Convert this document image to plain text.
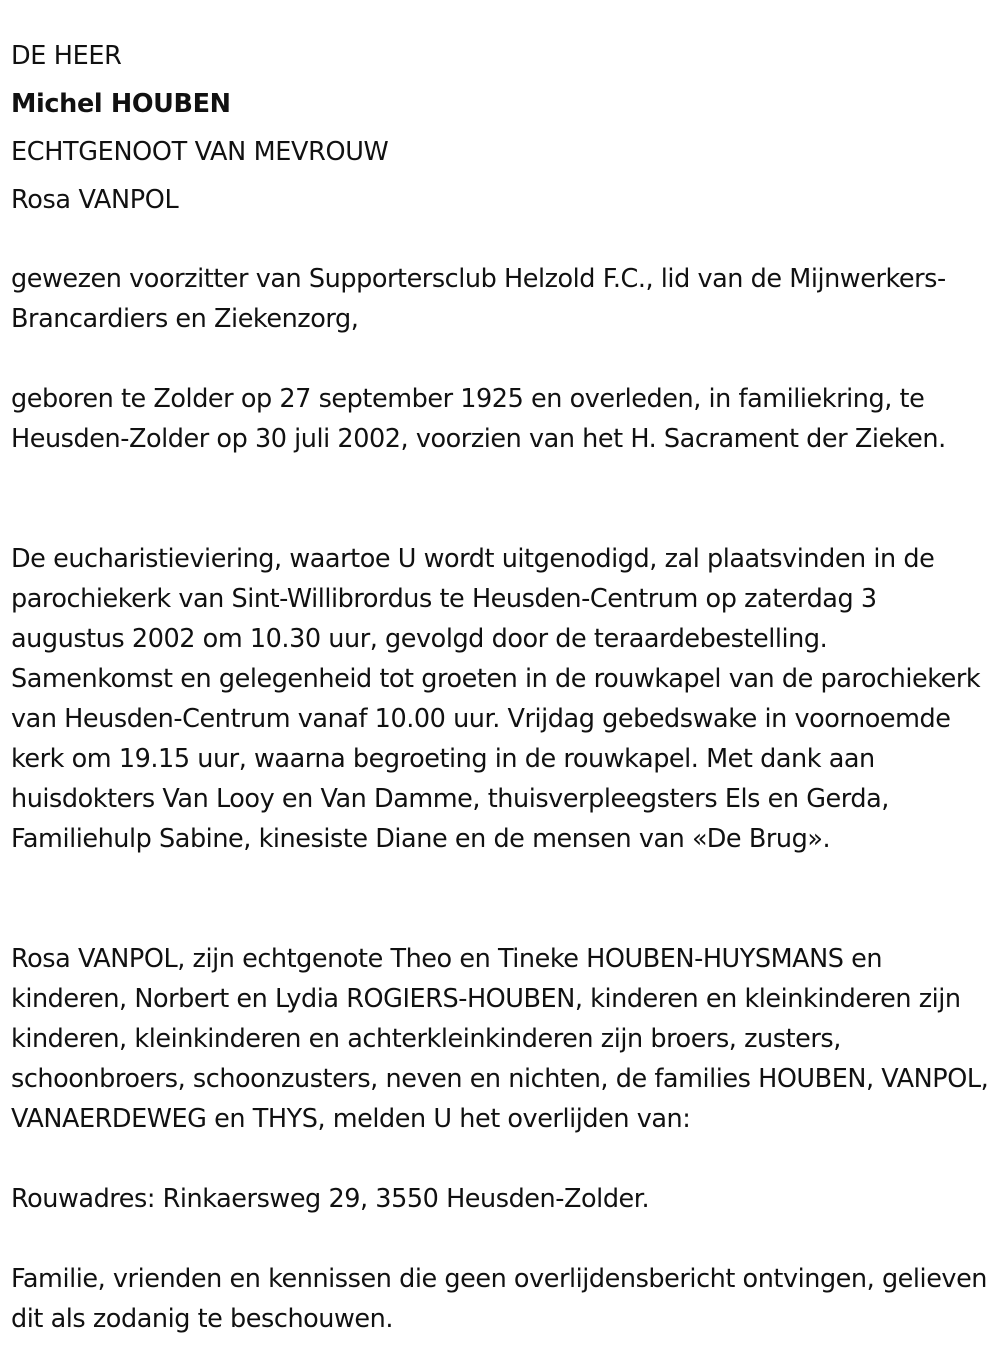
DE HEER
Michel HOUBEN
ECHTGENOOT VAN MEVROUW
Rosa VANPOL

gewezen voorzitter van Supportersclub Helzold F.C., lid van de Mijnwerkers-Brancardiers en Ziekenzorg,

geboren te Zolder op 27 september 1925 en overleden, in familiekring, te Heusden-Zolder op 30 juli 2002, voorzien van het H. Sacrament der Zieken.

De eucharistieviering, waartoe U wordt uitgenodigd, zal plaatsvinden in de parochiekerk van Sint-Willibrordus te Heusden-Centrum op zaterdag 3 augustus 2002 om 10.30 uur, gevolgd door de teraardebestelling. Samenkomst en gelegenheid tot groeten in de rouwkapel van de parochiekerk van Heusden-Centrum vanaf 10.00 uur. Vrijdag gebedswake in voornoemde kerk om 19.15 uur, waarna begroeting in de rouwkapel. Met dank aan huisdokters Van Looy en Van Damme, thuisverpleegsters Els en Gerda, Familiehulp Sabine, kinesiste Diane en de mensen van «De Brug».

Rosa VANPOL, zijn echtgenote Theo en Tineke HOUBEN-HUYSMANS en kinderen, Norbert en Lydia ROGIERS-HOUBEN, kinderen en kleinkinderen zijn kinderen, kleinkinderen en achterkleinkinderen zijn broers, zusters, schoonbroers, schoonzusters, neven en nichten, de families HOUBEN, VANPOL, VANAERDEWEG en THYS, melden U het overlijden van:

Rouwadres: Rinkaersweg 29, 3550 Heusden-Zolder.

Familie, vrienden en kennissen die geen overlijdensbericht ontvingen, gelieven dit als zodanig te beschouwen.
